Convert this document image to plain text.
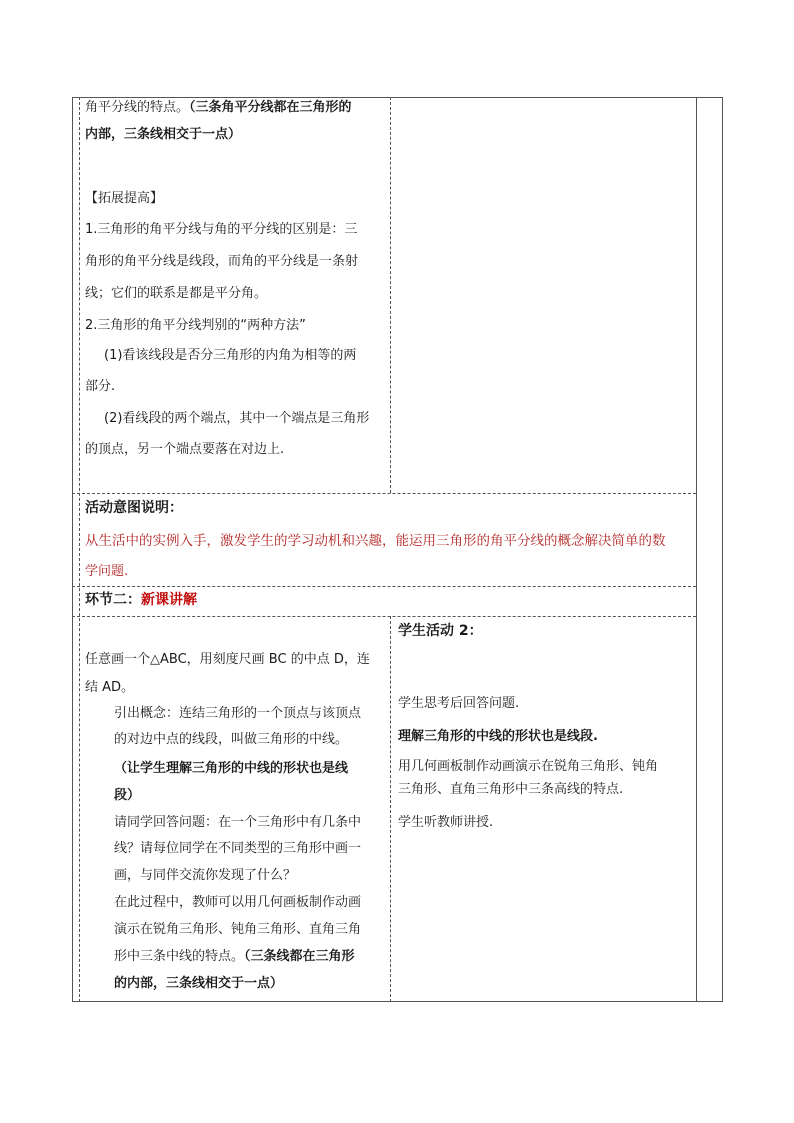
角平分线的特点。（三条角平分线都在三角形的
内部，三条线相交于一点）
【拓展提高】
1.三角形的角平分线与角的平分线的区别是：三
角形的角平分线是线段，而角的平分线是一条射
线；它们的联系是都是平分角。
2.三角形的角平分线判别的“两种方法”
(1)看该线段是否分三角形的内角为相等的两
部分.
(2)看线段的两个端点，其中一个端点是三角形
的顶点，另一个端点要落在对边上.
活动意图说明：
从生活中的实例入手，激发学生的学习动机和兴趣，能运用三角形的角平分线的概念解决简单的数
学问题.
环节二：新课讲解
任意画一个△ABC，用刻度尺画 BC 的中点 D，连
结 AD。
引出概念：连结三角形的一个顶点与该顶点
的对边中点的线段，叫做三角形的中线。
（让学生理解三角形的中线的形状也是线
段）
请同学回答问题：在一个三角形中有几条中
线？请每位同学在不同类型的三角形中画一
画，与同伴交流你发现了什么？
在此过程中，教师可以用几何画板制作动画
演示在锐角三角形、钝角三角形、直角三角
形中三条中线的特点。（三条线都在三角形
的内部，三条线相交于一点）
学生活动 2：
学生思考后回答问题.
理解三角形的中线的形状也是线段.
用几何画板制作动画演示在锐角三角形、钝角
三角形、直角三角形中三条高线的特点.
学生听教师讲授.
